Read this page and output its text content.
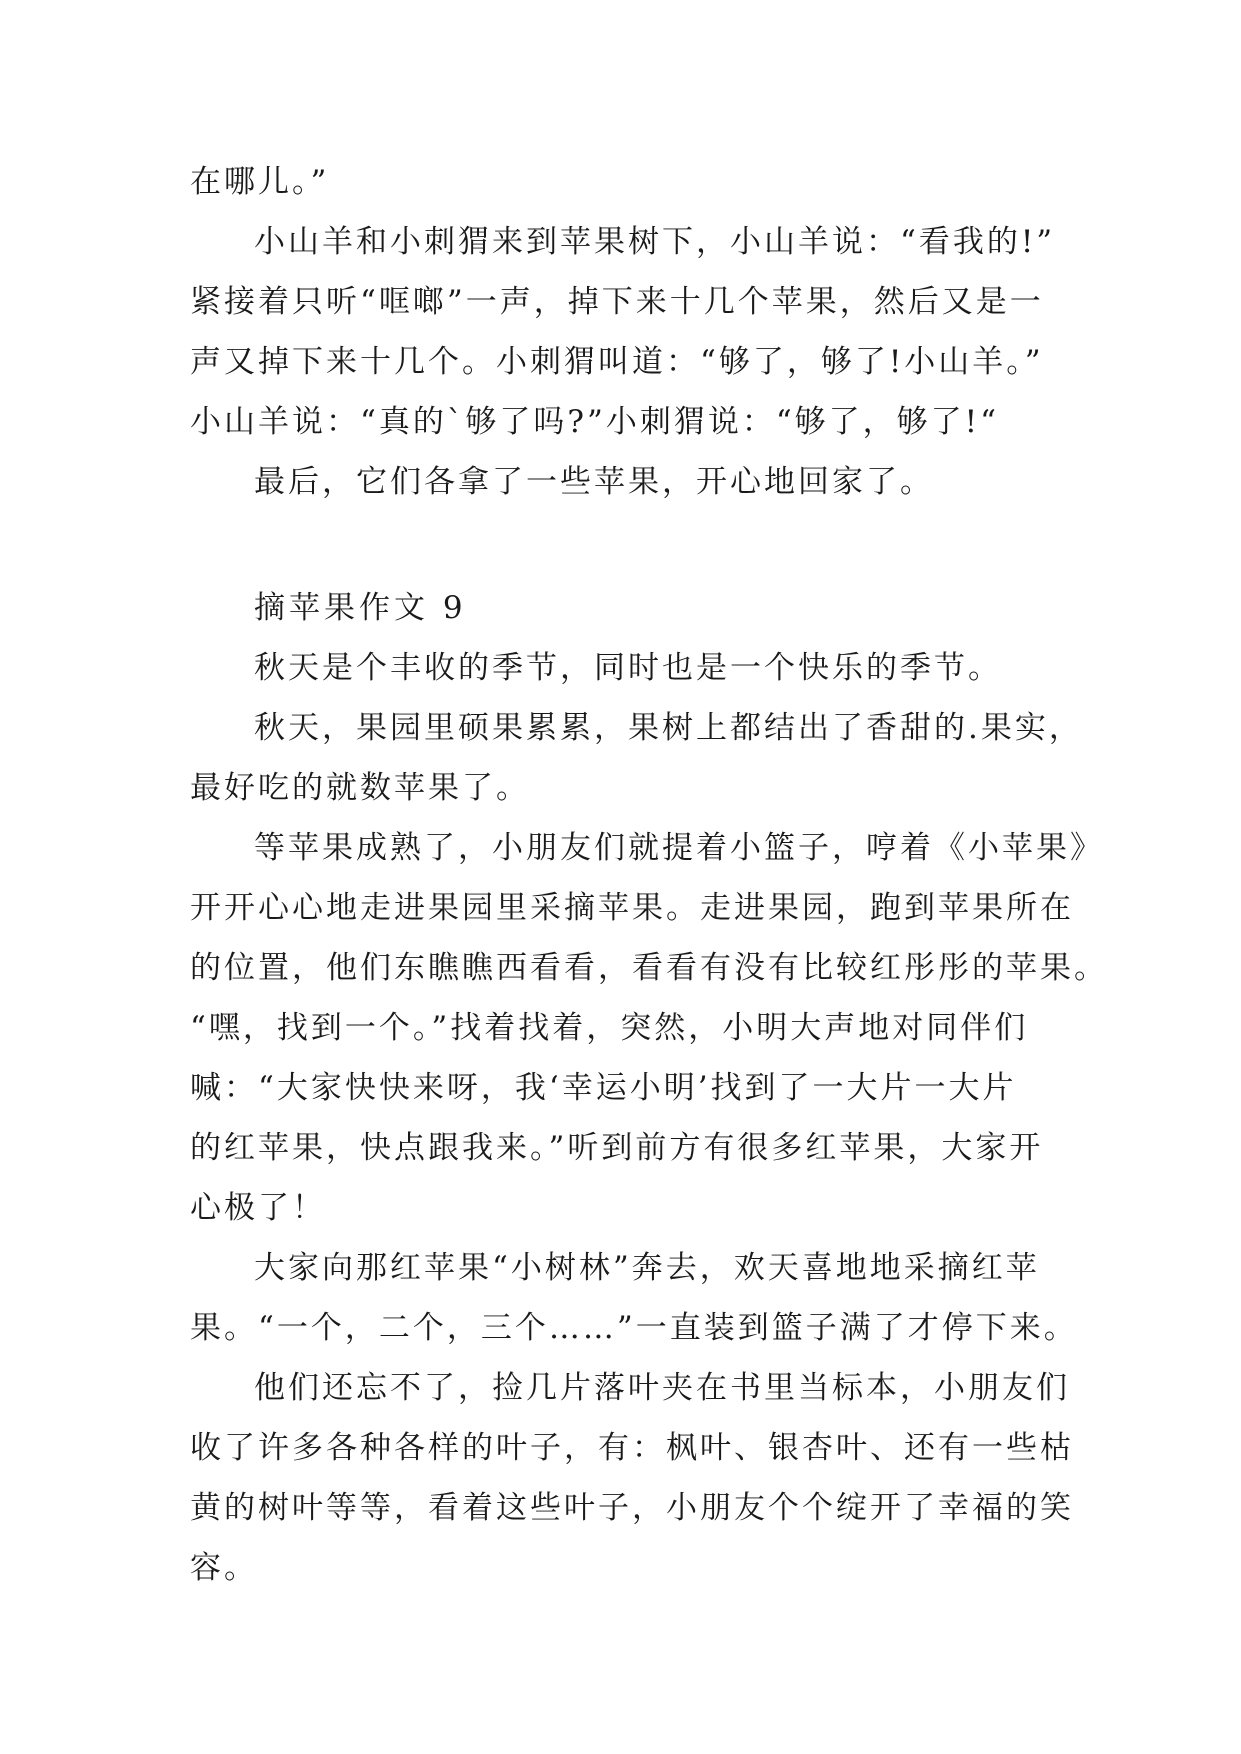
在哪儿。”
小山羊和小刺猬来到苹果树下，小山羊说：“看我的!”
紧接着只听“哐啷”一声，掉下来十几个苹果，然后又是一
声又掉下来十几个。小刺猬叫道：“够了，够了!小山羊。”
小山羊说：“真的`够了吗?”小刺猬说：“够了，够了!“
最后，它们各拿了一些苹果，开心地回家了。
摘苹果作文 9
秋天是个丰收的季节，同时也是一个快乐的季节。
秋天，果园里硕果累累，果树上都结出了香甜的.果实，
最好吃的就数苹果了。
等苹果成熟了，小朋友们就提着小篮子，哼着《小苹果》
开开心心地走进果园里采摘苹果。走进果园，跑到苹果所在
的位置，他们东瞧瞧西看看，看看有没有比较红彤彤的苹果。
“嘿，找到一个。”找着找着，突然，小明大声地对同伴们
喊：“大家快快来呀，我‘幸运小明’找到了一大片一大片
的红苹果，快点跟我来。”听到前方有很多红苹果，大家开
心极了！
大家向那红苹果“小树林”奔去，欢天喜地地采摘红苹
果。“一个，二个，三个……”一直装到篮子满了才停下来。
他们还忘不了，捡几片落叶夹在书里当标本，小朋友们
收了许多各种各样的叶子，有：枫叶、银杏叶、还有一些枯
黄的树叶等等，看着这些叶子，小朋友个个绽开了幸福的笑
容。
